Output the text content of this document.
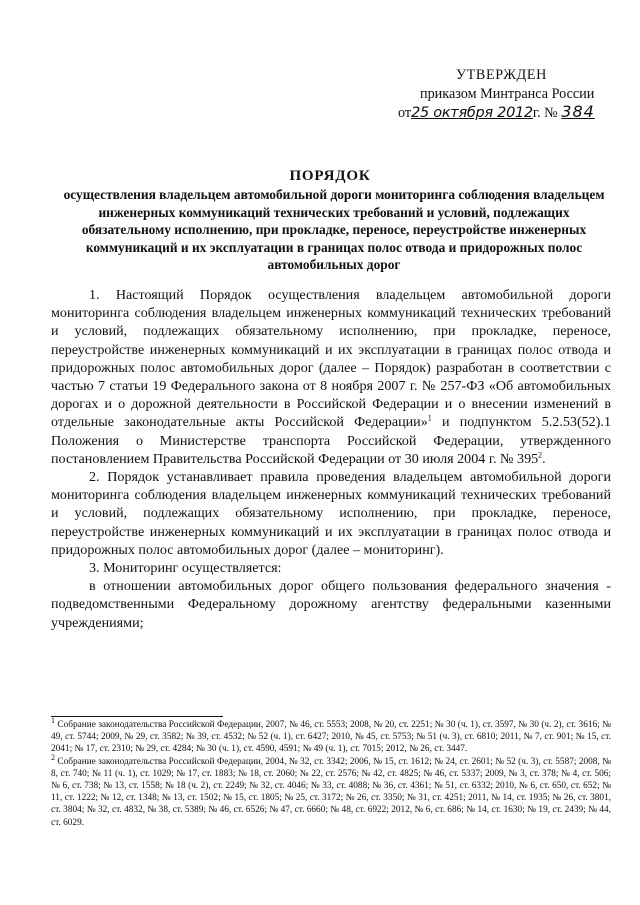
УТВЕРЖДЕН
приказом Минтранса России
от25 октября 2012г. № 384
ПОРЯДОК
осуществления владельцем автомобильной дороги мониторинга соблюдения владельцем инженерных коммуникаций технических требований и условий, подлежащих обязательному исполнению, при прокладке, переносе, переустройстве инженерных коммуникаций и их эксплуатации в границах полос отвода и придорожных полос автомобильных дорог

1. Настоящий Порядок осуществления владельцем автомобильной дороги мониторинга соблюдения владельцем инженерных коммуникаций технических требований и условий, подлежащих обязательному исполнению, при прокладке, переносе, переустройстве инженерных коммуникаций и их эксплуатации в границах полос отвода и придорожных полос автомобильных дорог (далее – Порядок) разработан в соответствии с частью 7 статьи 19 Федерального закона от 8 ноября 2007 г. № 257-ФЗ «Об автомобильных дорогах и о дорожной деятельности в Российской Федерации и о внесении изменений в отдельные законодательные акты Российской Федерации»$^1$ и подпунктом 5.2.53(52).1 Положения о Министерстве транспорта Российской Федерации, утвержденного постановлением Правительства Российской Федерации от 30 июля 2004 г. № $395^2$.

2. Порядок устанавливает правила проведения владельцем автомобильной дороги мониторинга соблюдения владельцем инженерных коммуникаций технических требований и условий, подлежащих обязательному исполнению, при прокладке, переносе, переустройстве инженерных коммуникаций и их эксплуатации в границах полос отвода и придорожных полос автомобильных дорог (далее – мониторинг).

3. Мониторинг осуществляется:

в отношении автомобильных дорог общего пользования федерального значения - подведомственными Федеральному дорожному агентству федеральными казенными учреждениями;

$^1$ Собрание законодательства Российской Федерации, 2007, № 46, ст. 5553; 2008, № 20, ст. 2251; № 30 (ч. 1), ст. 3597, № 30 (ч. 2), ст. 3616; № 49, ст. 5744; 2009, № 29, ст. 3582; № 39, ст. 4532; № 52 (ч. 1), ст. 6427; 2010, № 45, ст. 5753; № 51 (ч. 3), ст. 6810; 2011, № 7, ст. 901; № 15, ст. 2041; № 17, ст. 2310; № 29, ст. 4284; № 30 (ч. 1), ст. 4590, 4591; № 49 (ч. 1), ст. 7015; 2012, № 26, ст. 3447.

$^2$ Собрание законодательства Российской Федерации, 2004, № 32, ст. 3342; 2006, № 15, ст. 1612; № 24, ст. 2601; № 52 (ч. 3), ст. 5587; 2008, № 8, ст. 740; № 11 (ч. 1), ст. 1029; № 17, ст. 1883; № 18, ст. 2060; № 22, ст. 2576; № 42, ст. 4825; № 46, ст. 5337; 2009, № 3, ст. 378; № 4, ст. 506; № 6, ст. 738; № 13, ст. 1558; № 18 (ч. 2), ст. 2249; № 32, ст. 4046; № 33, ст. 4088; № 36, ст. 4361; № 51, ст. 6332; 2010, № 6, ст. 650, ст. 652; № 11, ст. 1222; № 12, ст. 1348; № 13, ст. 1502; № 15, ст. 1805; № 25, ст. 3172; № 26, ст. 3350; № 31, ст. 4251; 2011, № 14, ст. 1935; № 26, ст. 3801, ст. 3804; № 32, ст. 4832, № 38, ст. 5389; № 46, ст. 6526; № 47, ст. 6660; № 48, ст. 6922; 2012, № 6, ст. 686; № 14, ст. 1630; № 19, ст. 2439; № 44, ст. 6029.
